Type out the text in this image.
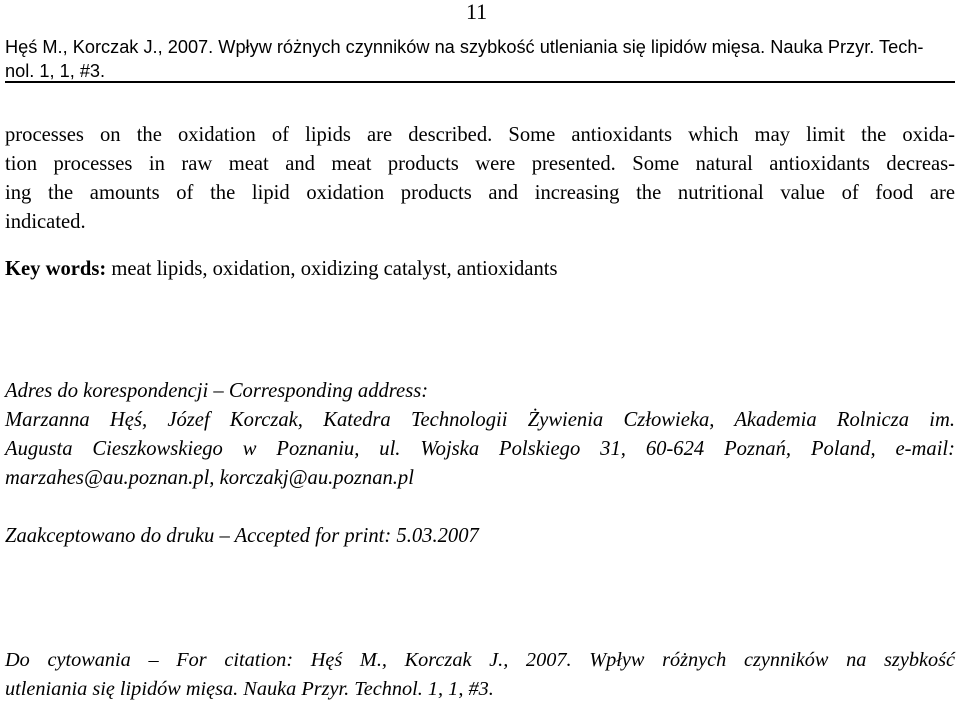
11
Hęś M., Korczak J., 2007. Wpływ różnych czynników na szybkość utleniania się lipidów mięsa. Nauka Przyr. Tech-
nol. 1, 1, #3.
processes on the oxidation of lipids are described. Some antioxidants which may limit the oxida-
tion processes in raw meat and meat products were presented. Some natural antioxidants decreas-
ing the amounts of the lipid oxidation products and increasing the nutritional value of food are
indicated.
Key words: meat lipids, oxidation, oxidizing catalyst, antioxidants
Adres do korespondencji – Corresponding address:
Marzanna Hęś, Józef Korczak, Katedra Technologii Żywienia Człowieka, Akademia Rolnicza im.
Augusta Cieszkowskiego w Poznaniu, ul. Wojska Polskiego 31, 60-624 Poznań, Poland, e-mail:
marzahes@au.poznan.pl, korczakj@au.poznan.pl
Zaakceptowano do druku – Accepted for print: 5.03.2007
Do cytowania – For citation: Hęś M., Korczak J., 2007. Wpływ różnych czynników na szybkość
utleniania się lipidów mięsa. Nauka Przyr. Technol. 1, 1, #3.
